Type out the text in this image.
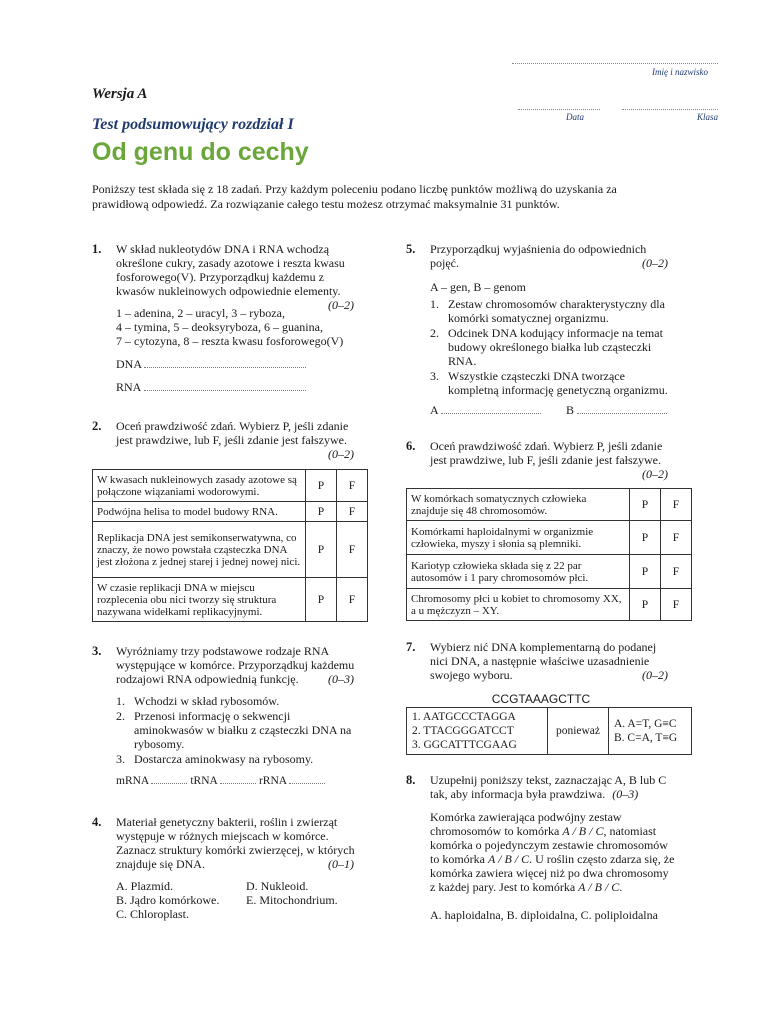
Imię i nazwisko
Data	Klasa
Wersja A
Test podsumowujący rozdział I
Od genu do cechy
Poniższy test składa się z 18 zadań. Przy każdym poleceniu podano liczbę punktów możliwą do uzyskania za prawidłową odpowiedź. Za rozwiązanie całego testu możesz otrzymać maksymalnie 31 punktów.
1. W skład nukleotydów DNA i RNA wchodzą określone cukry, zasady azotowe i reszta kwasu fosforowego(V). Przyporządkuj każdemu z kwasów nukleinowych odpowiednie elementy.
(0–2)
1 – adenina, 2 – uracyl, 3 – ryboza,
4 – tymina, 5 – deoksyryboza, 6 – guanina,
7 – cytozyna, 8 – reszta kwasu fosforowego(V)
DNA
RNA
2. Oceń prawdziwość zdań. Wybierz P, jeśli zdanie jest prawdziwe, lub F, jeśli zdanie jest fałszywe.
(0–2)
W kwasach nukleinowych zasady azotowe są połączone wiązaniami wodorowymi.	P	F
Podwójna helisa to model budowy RNA.	P	F
Replikacja DNA jest semikonserwatywna, co znaczy, że nowo powstała cząsteczka DNA jest złożona z jednej starej i jednej nowej nici.	P	F
W czasie replikacji DNA w miejscu rozplecenia obu nici tworzy się struktura nazywana widełkami replikacyjnymi.	P	F
3. Wyróżniamy trzy podstawowe rodzaje RNA występujące w komórce. Przyporządkuj każdemu rodzajowi RNA odpowiednią funkcję. (0–3)
1. Wchodzi w skład rybosomów.
2. Przenosi informację o sekwencji aminokwasów w białku z cząsteczki DNA na rybosomy.
3. Dostarcza aminokwasy na rybosomy.
mRNA	tRNA	rRNA
4. Materiał genetyczny bakterii, roślin i zwierząt występuje w różnych miejscach w komórce. Zaznacz struktury komórki zwierzęcej, w których znajduje się DNA.	(0–1)
A. Plazmid.	D. Nukleoid.
B. Jądro komórkowe.	E. Mitochondrium.
C. Chloroplast.
5. Przyporządkuj wyjaśnienia do odpowiednich pojęć.	(0–2)
A – gen, B – genom
1. Zestaw chromosomów charakterystyczny dla komórki somatycznej organizmu.
2. Odcinek DNA kodujący informacje na temat budowy określonego białka lub cząsteczki RNA.
3. Wszystkie cząsteczki DNA tworzące kompletną informację genetyczną organizmu.
A	B
6. Oceń prawdziwość zdań. Wybierz P, jeśli zdanie jest prawdziwe, lub F, jeśli zdanie jest fałszywe.
(0–2)
W komórkach somatycznych człowieka znajduje się 48 chromosomów.	P	F
Komórkami haploidalnymi w organizmie człowieka, myszy i słonia są plemniki.	P	F
Kariotyp człowieka składa się z 22 par autosomów i 1 pary chromosomów płci.	P	F
Chromosomy płci u kobiet to chromosomy XX, a u mężczyzn – XY.	P	F
7. Wybierz nić DNA komplementarną do podanej nici DNA, a następnie właściwe uzasadnienie swojego wyboru.	(0–2)
CCGTAAAGCTTC
1. AATGCCCTAGGA
2. TTACGGGATCCT
3. GGCATTTCGAAG
	ponieważ	
A. A=T, G≡C
B. C=A, T≡G
8. Uzupełnij poniższy tekst, zaznaczając A, B lub C tak, aby informacja była prawdziwa. (0–3)
Komórka zawierająca podwójny zestaw chromosomów to komórka A / B / C, natomiast komórka o pojedynczym zestawie chromosomów to komórka A / B / C. U roślin często zdarza się, że komórka zawiera więcej niż po dwa chromosomy z każdej pary. Jest to komórka A / B / C.
A. haploidalna, B. diploidalna, C. poliploidalna
